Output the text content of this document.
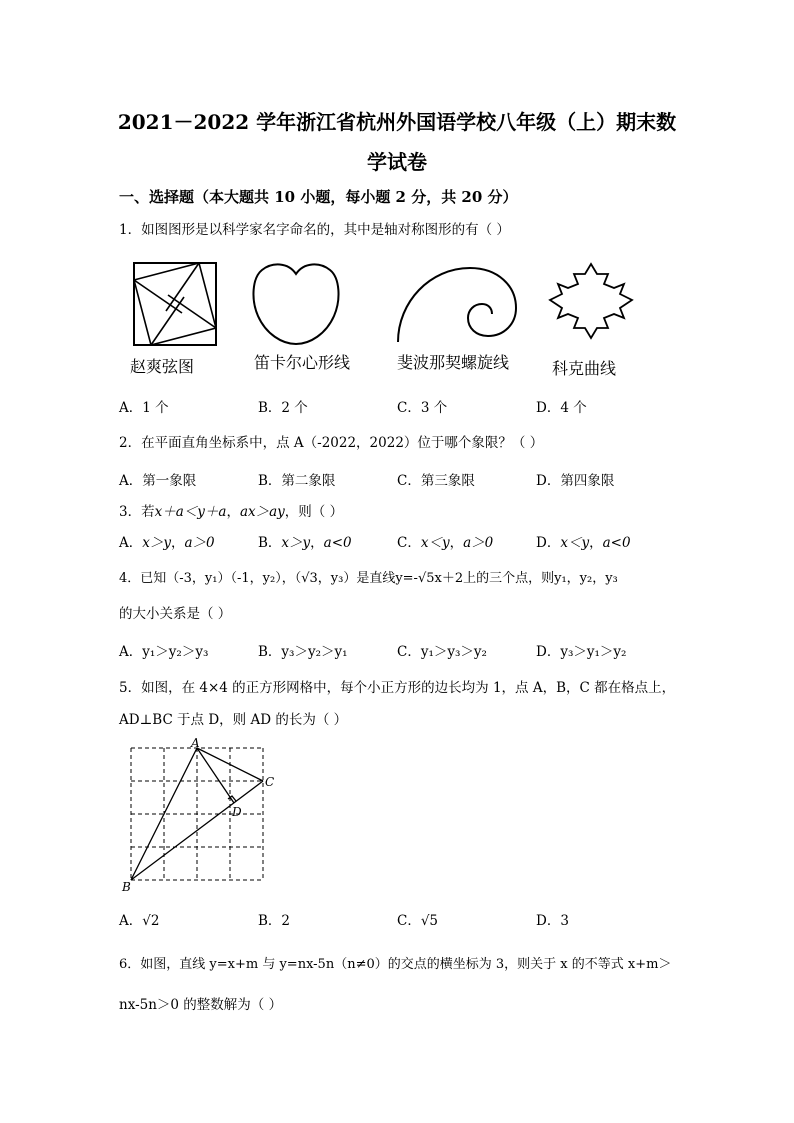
2021－2022 学年浙江省杭州外国语学校八年级（上）期末数
学试卷
一、选择题（本大题共 10 小题，每小题 2 分，共 20 分）
1．如图图形是以科学家名字命名的，其中是轴对称图形的有（ ）
赵爽弦图	笛卡尔心形线	斐波那契螺旋线	科克曲线
A．1 个	B．2 个	C．3 个	D．4 个
2．在平面直角坐标系中，点 A（-2022，2022）位于哪个象限？（ ）
A．第一象限	B．第二象限	C．第三象限	D．第四象限
3．若x＋a＜y＋a，ax＞ay，则（ ）
A．x＞y，a＞0	B．x＞y，a<0	C．x＜y，a＞0	D．x＜y，a<0
4．已知（-3，y₁）（-1，y₂），（√3，y₃）是直线y=-√5x＋2上的三个点，则y₁，y₂，y₃
的大小关系是（ ）
A．y₁＞y₂＞y₃	B．y₃＞y₂＞y₁	C．y₁＞y₃＞y₂	D．y₃＞y₁＞y₂
5．如图，在 4×4 的正方形网格中，每个小正方形的边长均为 1，点 A，B，C 都在格点上，
AD⊥BC 于点 D，则 AD 的长为（ ）
A
B
C
D
A．√2	B．2	C．√5	D．3
6．如图，直线 y=x+m 与 y=nx-5n（n≠0）的交点的横坐标为 3，则关于 x 的不等式 x+m＞
nx-5n＞0 的整数解为（ ）
